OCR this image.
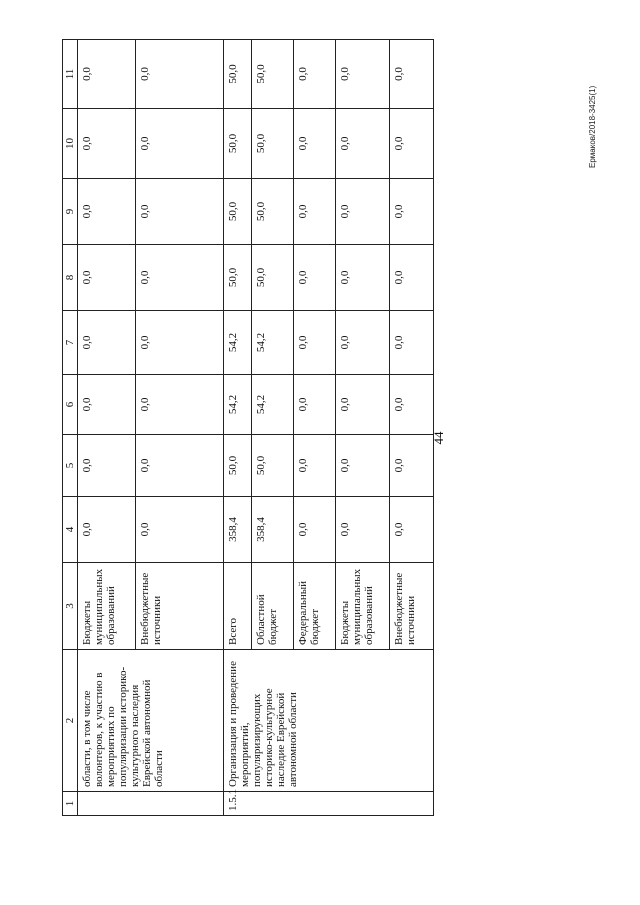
44
Ермаков/2018-3425(1)
1	2	3	4	5	6	7	8	9	10	11
	области, в том числе волонтеров, к участию в мероприятиях по популяризации историко-культурного наследия Еврейской автономной области	Бюджеты муниципальных образований	0,0	0,0	0,0	0,0	0,0	0,0	0,0	0,0
		Внебюджетные источники	0,0	0,0	0,0	0,0	0,0	0,0	0,0	0,0
1.5.1	Организация и проведение мероприятий, популяризирующих историко-культурное наследие Еврейской автономной области	Всего	358,4	50,0	54,2	54,2	50,0	50,0	50,0	50,0
		Областной бюджет	358,4	50,0	54,2	54,2	50,0	50,0	50,0	50,0
		Федеральный бюджет	0,0	0,0	0,0	0,0	0,0	0,0	0,0	0,0
		Бюджеты муниципальных образований	0,0	0,0	0,0	0,0	0,0	0,0	0,0	0,0
		Внебюджетные источники	0,0	0,0	0,0	0,0	0,0	0,0	0,0	0,0
